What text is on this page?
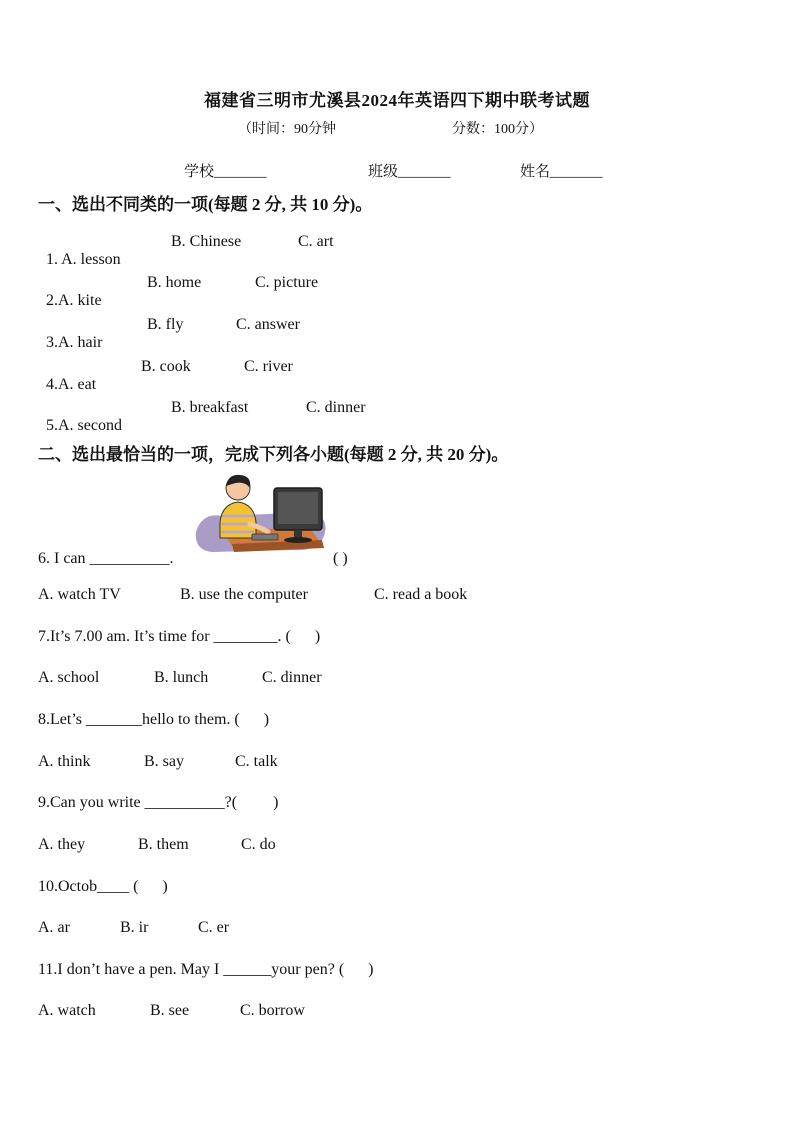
福建省三明市尤溪县2024年英语四下期中联考试题
（时间：90分钟	分数：100分）
学校_______	班级_______	姓名_______
一、选出不同类的一项(每题 2 分, 共 10 分)。

1. A. lesson

B. Chinese	C. art

2.A. kite

B. home	C. picture

3.A. hair

B. fly	C. answer

4.A. eat

B. cook	C. river

5.A. second

B. breakfast	C. dinner
二、选出最恰当的一项，完成下列各小题(每题 2 分, 共 20 分)。
6. I can __________.	( )
A. watch TV	B. use the computer	C. read a book
7.It’s 7.00 am. It’s time for ________. (      )
A. school	B. lunch	C. dinner
8.Let’s _______hello to them. (      )
A. think	B. say	C. talk
9.Can you write __________?(         )
A. they	B. them	C. do
10.Octob____ (      )
A. ar	B. ir	C. er
11.I don’t have a pen. May I ______your pen? (      )
A. watch	B. see	C. borrow
